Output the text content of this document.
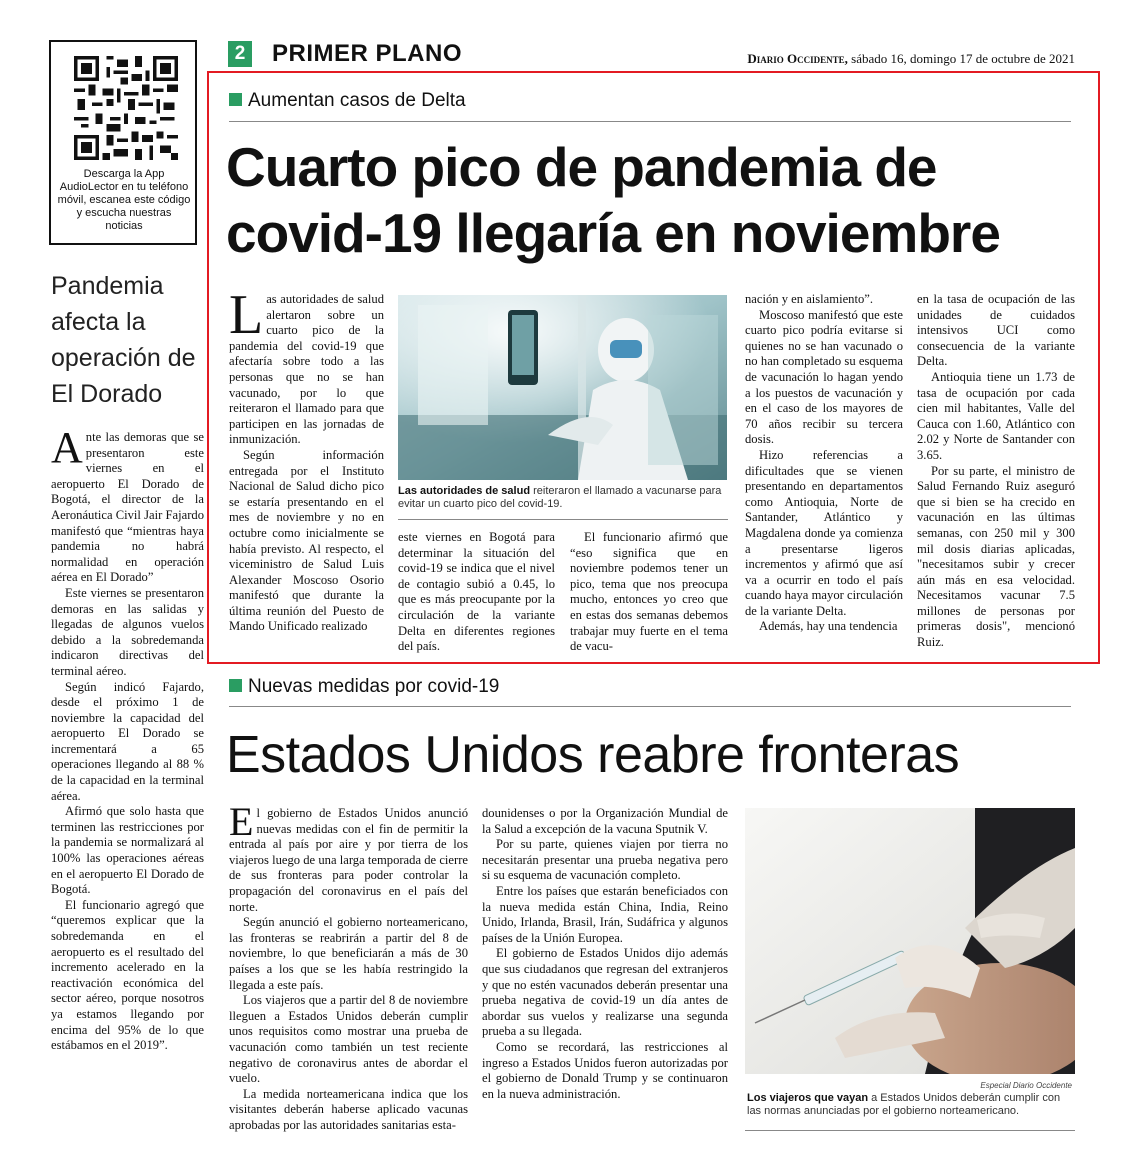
2 PRIMER PLANO	Diario Occidente, sábado 16, domingo 17 de octubre de 2021
Descarga la App AudioLector en tu teléfono móvil, escanea este código y escucha nuestras noticias
Pandemia afecta la operación de El Dorado

Ante las demoras que se presentaron este viernes en el aeropuerto El Dorado de Bogotá, el director de la Aeronáutica Civil Jair Fajardo manifestó que “mientras haya pandemia no habrá normalidad en operación aérea en El Dorado”

Este viernes se presentaron demoras en las salidas y llegadas de algunos vuelos debido a la sobredemanda indicaron directivas del terminal aéreo.

Según indicó Fajardo, desde el próximo 1 de noviembre la capacidad del aeropuerto El Dorado se incrementará a 65 operaciones llegando al 88 % de la capacidad en la terminal aérea.

Afirmó que solo hasta que terminen las restricciones por la pandemia se normalizará al 100% las operaciones aéreas en el aeropuerto El Dorado de Bogotá.

El funcionario agregó que “queremos explicar que la sobredemanda en el aeropuerto es el resultado del incremento acelerado en la reactivación económica del sector aéreo, porque nosotros ya estamos llegando por encima del 95% de lo que estábamos en el 2019”.

Aumentan casos de Delta
Cuarto pico de pandemia de
covid-19 llegaría en noviembre

Las autoridades de salud alertaron sobre un cuarto pico de la pandemia del covid-19 que afectaría sobre todo a las personas que no se han vacunado, por lo que reiteraron el llamado para que participen en las jornadas de inmunización.

Según información entregada por el Instituto Nacional de Salud dicho pico se estaría presentando en el mes de noviembre y no en octubre como inicialmente se había previsto. Al respecto, el viceministro de Salud Luis Alexander Moscoso Osorio manifestó que durante la última reunión del Puesto de Mando Unificado realizado

Las autoridades de salud reiteraron el llamado a vacunarse para evitar un cuarto pico del covid-19.

este viernes en Bogotá para determinar la situación del covid-19 se indica que el nivel de contagio subió a 0.45, lo que es más preocupante por la circulación de la variante Delta en diferentes regiones del país.

El funcionario afirmó que “eso significa que en noviembre podemos tener un pico, tema que nos preocupa mucho, entonces yo creo que en estas dos semanas debemos trabajar muy fuerte en el tema de vacu-

nación y en aislamiento”.

Moscoso manifestó que este cuarto pico podría evitarse si quienes no se han vacunado o no han completado su esquema de vacunación lo hagan yendo a los puestos de vacunación y en el caso de los mayores de 70 años recibir su tercera dosis.

Hizo referencias a dificultades que se vienen presentando en departamentos como Antioquia, Norte de Santander, Atlántico y Magdalena donde ya comienza a presentarse ligeros incrementos y afirmó que así va a ocurrir en todo el país cuando haya mayor circulación de la variante Delta.

Además, hay una tendencia

en la tasa de ocupación de las unidades de cuidados intensivos UCI como consecuencia de la variante Delta.

Antioquia tiene un 1.73 de tasa de ocupación por cada cien mil habitantes, Valle del Cauca con 1.60, Atlántico con 2.02 y Norte de Santander con 3.65.

Por su parte, el ministro de Salud Fernando Ruiz aseguró que si bien se ha crecido en vacunación en las últimas semanas, con 250 mil y 300 mil dosis diarias aplicadas, "necesitamos subir y crecer aún más en esa velocidad. Necesitamos vacunar 7.5 millones de personas por primeras dosis", mencionó Ruiz.

Nuevas medidas por covid-19
Estados Unidos reabre fronteras

El gobierno de Estados Unidos anunció nuevas medidas con el fin de permitir la entrada al país por aire y por tierra de los viajeros luego de una larga temporada de cierre de sus fronteras para poder controlar la propagación del coronavirus en el país del norte.

Según anunció el gobierno norteamericano, las fronteras se reabrirán a partir del 8 de noviembre, lo que beneficiarán a más de 30 países a los que se les había restringido la llegada a este país.

Los viajeros que a partir del 8 de noviembre lleguen a Estados Unidos deberán cumplir unos requisitos como mostrar una prueba de vacunación como también un test reciente negativo de coronavirus antes de abordar el vuelo.

La medida norteamericana indica que los visitantes deberán haberse aplicado vacunas aprobadas por las autoridades sanitarias esta-

dounidenses o por la Organización Mundial de la Salud a excepción de la vacuna Sputnik V.

Por su parte, quienes viajen por tierra no necesitarán presentar una prueba negativa pero si su esquema de vacunación completo.

Entre los países que estarán beneficiados con la nueva medida están China, India, Reino Unido, Irlanda, Brasil, Irán, Sudáfrica y algunos países de la Unión Europea.

El gobierno de Estados Unidos dijo además que sus ciudadanos que regresan del extranjeros y que no estén vacunados deberán presentar una prueba negativa de covid-19 un día antes de abordar sus vuelos y realizarse una segunda prueba a su llegada.

Como se recordará, las restricciones al ingreso a Estados Unidos fueron autorizadas por el gobierno de Donald Trump y se continuaron en la nueva administración.

Especial Diario Occidente
Los viajeros que vayan a Estados Unidos deberán cumplir con las normas anunciadas por el gobierno norteamericano.
